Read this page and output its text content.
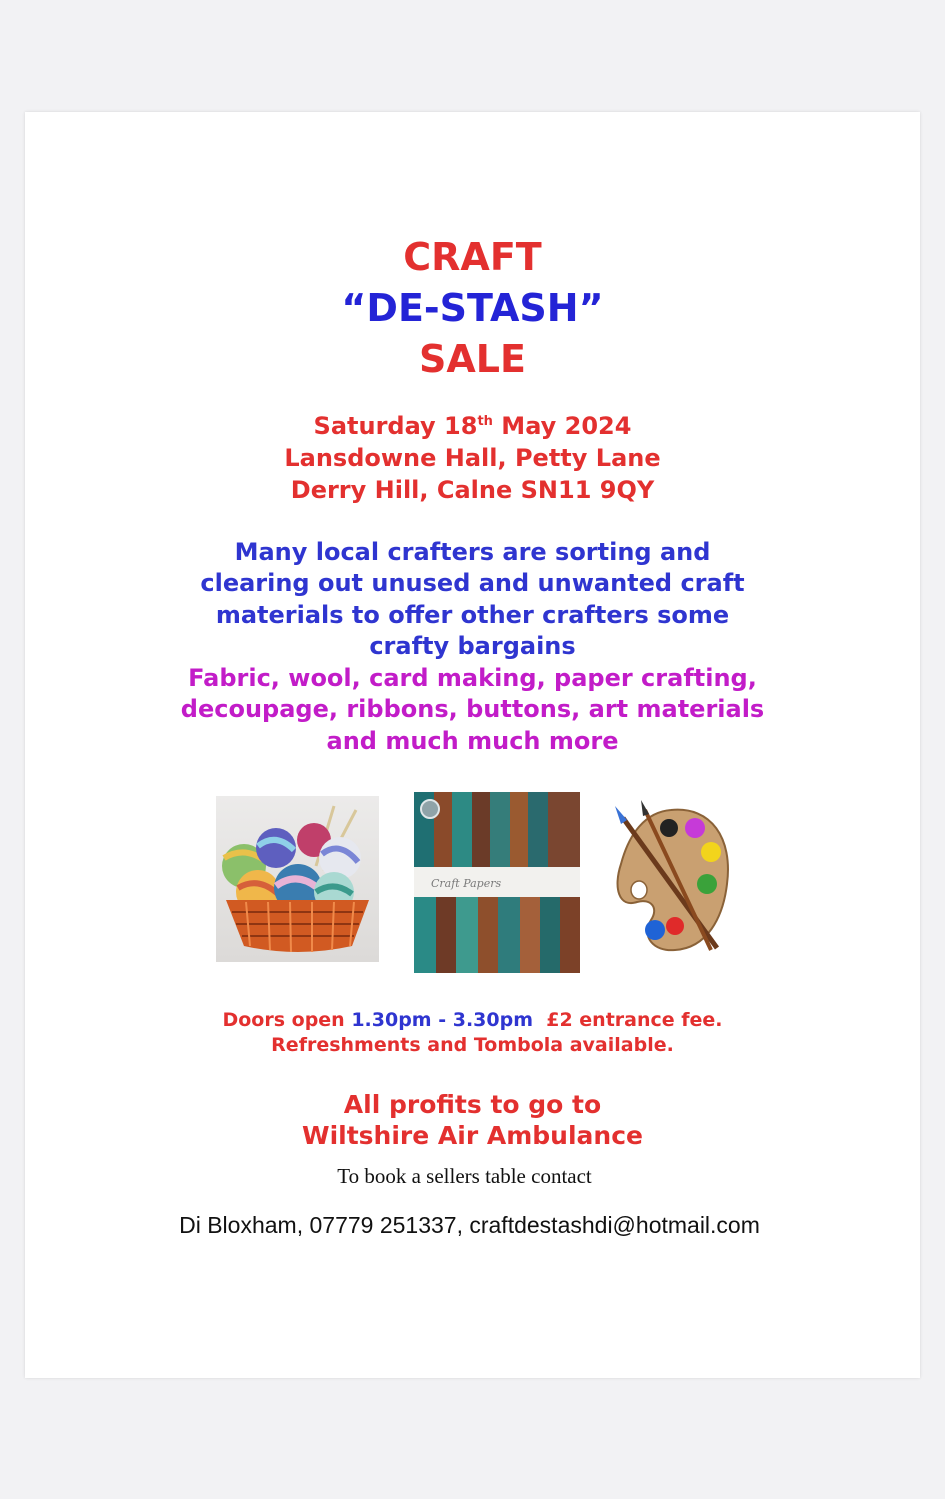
CRAFT
“DE-STASH”
SALE
Saturday 18th May 2024
Lansdowne Hall, Petty Lane
Derry Hill, Calne SN11 9QY
Many local crafters are sorting and
clearing out unused and unwanted craft
materials to offer other crafters some
crafty bargains
Fabric, wool, card making, paper crafting,
decoupage, ribbons, buttons, art materials
and much much more
Craft Papers
Doors open 1.30pm - 3.30pm  £2 entrance fee.
Refreshments and Tombola available.
All profits to go to
Wiltshire Air Ambulance
To book a sellers table contact
Di Bloxham, 07779 251337, craftdestashdi@hotmail.com
